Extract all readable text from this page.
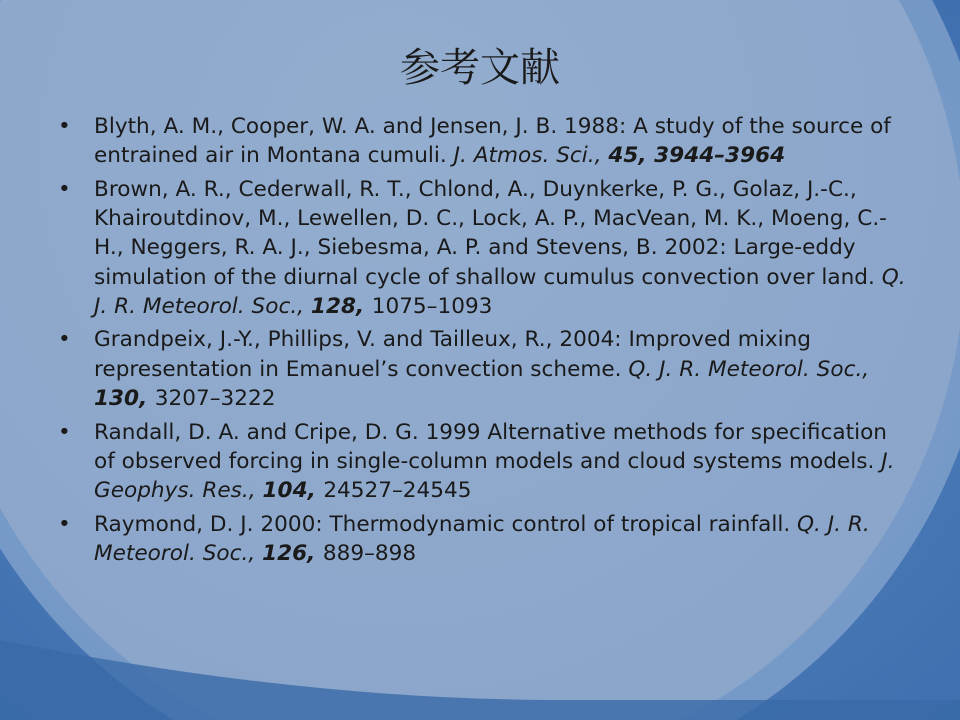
参考文献
•	Blyth, A. M., Cooper, W. A. and Jensen, J. B. 1988: A study of the source of entrained air in Montana cumuli. J. Atmos. Sci., 45, 3944–3964
•	Brown, A. R., Cederwall, R. T., Chlond, A., Duynkerke, P. G., Golaz, J.-C., Khairoutdinov, M., Lewellen, D. C., Lock, A. P., MacVean, M. K., Moeng, C.-H., Neggers, R. A. J., Siebesma, A. P. and Stevens, B. 2002: Large-eddy simulation of the diurnal cycle of shallow cumulus convection over land. Q. J. R. Meteorol. Soc., 128, 1075–1093
•	Grandpeix, J.-Y., Phillips, V. and Tailleux, R., 2004: Improved mixing representation in Emanuel’s convection scheme. Q. J. R. Meteorol. Soc., 130, 3207–3222
•	Randall, D. A. and Cripe, D. G. 1999 Alternative methods for specification of observed forcing in single-column models and cloud systems models. J. Geophys. Res., 104, 24527–24545
•	Raymond, D. J. 2000: Thermodynamic control of tropical rainfall. Q. J. R. Meteorol. Soc., 126, 889–898
